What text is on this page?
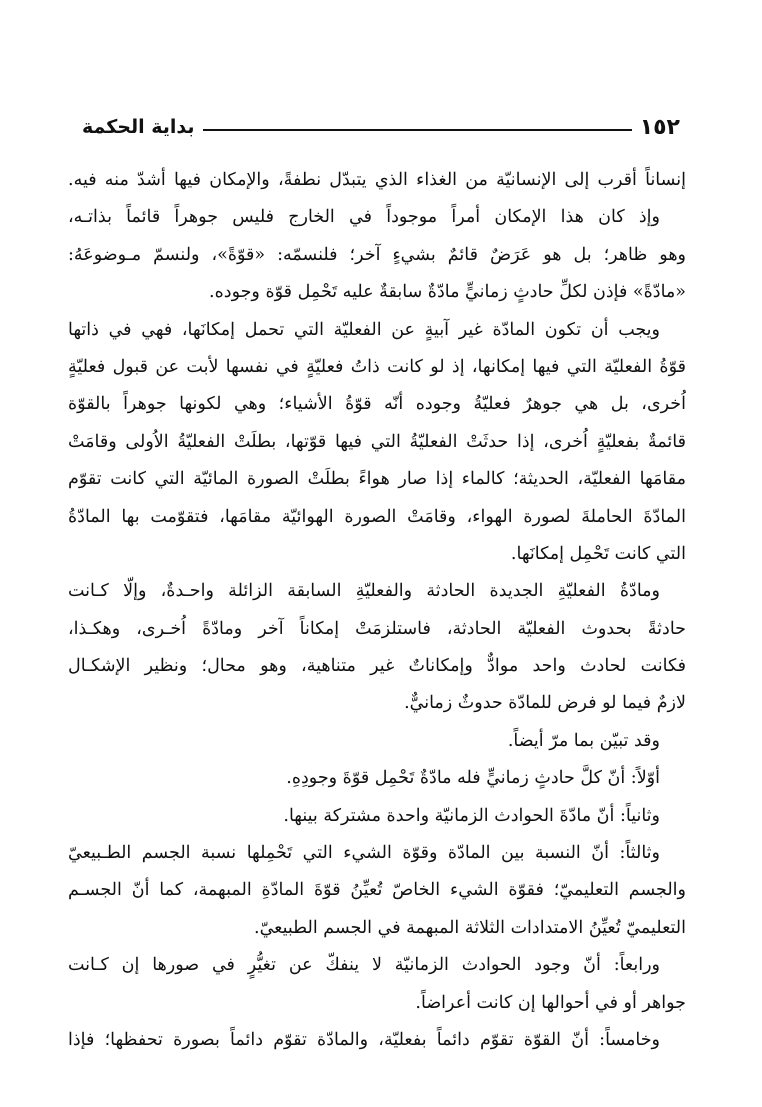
١٥٢
بداية الحكمة
إنساناً أقرب إلى الإنسانيّة من الغذاء الذي يتبدّل نطفةً، والإمكان فيها أشدّ منه فيه.
وإذ كان هذا الإمكان أمراً موجوداً في الخارج فليس جوهراً قائماً بذاتـه،
وهو ظاهر؛ بل هو عَرَضٌ قائمٌ بشيءٍ آخر؛ فلنسمّه: «قوّةً»، ولنسمّ مـوضوعَهُ:
«مادّةً» فإذن لكلِّ حادثٍ زمانيٍّ مادّةٌ سابقةٌ عليه تَحْمِل قوّة وجوده.
ويجب أن تكون المادّة غير آبيةٍ عن الفعليّة التي تحمل إمكانَها، فهي في ذاتها
قوّةُ الفعليّة التي فيها إمكانها، إذ لو كانت ذاتُ فعليّةٍ في نفسها لأبت عن قبول فعليّةٍ
اُخرى، بل هي جوهرٌ فعليّةُ وجوده أنّه قوّةُ الأشياء؛ وهي لكونها جوهراً بالقوّة
قائمةٌ بفعليّةٍ اُخرى، إذا حدثَتْ الفعليّةُ التي فيها قوّتها، بطلَتْ الفعليّةُ الاُولى وقامَتْ
مقامَها الفعليّة، الحديثة؛ كالماء إذا صار هواءً بطلَتْ الصورة المائيّة التي كانت تقوّم
المادّةَ الحاملةَ لصورة الهواء، وقامَتْ الصورة الهوائيّة مقامَها، فتقوّمت بها المادّةُ
التي كانت تَحْمِل إمكانَها.
ومادّةُ الفعليّةِ الجديدة الحادثة والفعليّةِ السابقة الزائلة واحـدةٌ، وإلّا كـانت
حادثةً بحدوث الفعليّة الحادثة، فاستلزمَتْ إمكاناً آخر ومادّةً اُخـرى، وهكـذا،
فكانت لحادث واحد موادٌّ وإمكاناتٌ غير متناهية، وهو محال؛ ونظير الإشكـال
لازمٌ فيما لو فرض للمادّة حدوثٌ زمانيٌّ.
وقد تبيّن بما مرّ أيضاً.
أوّلاً: أنّ كلَّ حادثٍ زمانيٍّ فله مادّةٌ تَحْمِل قوّةَ وجودِهِ.
وثانياً: أنّ مادّةَ الحوادث الزمانيّة واحدة مشتركة بينها.
وثالثاً: أنّ النسبة بين المادّة وقوّة الشيء التي تَحْمِلها نسبة الجسم الطـبيعيّ
والجسم التعليميّ؛ فقوّة الشيء الخاصّ تُعيِّنُ قوّةَ المادّةِ المبهمة، كما أنّ الجسـم
التعليميّ تُعيِّنُ الامتدادات الثلاثة المبهمة في الجسم الطبيعيّ.
ورابعاً: أنّ وجود الحوادث الزمانيّة لا ينفكّ عن تغيُّرٍ في صورها إن كـانت
جواهر أو في أحوالها إن كانت أعراضاً.
وخامساً: أنّ القوّة تقوّم دائماً بفعليّة، والمادّة تقوّم دائماً بصورة تحفظها؛ فإذا
